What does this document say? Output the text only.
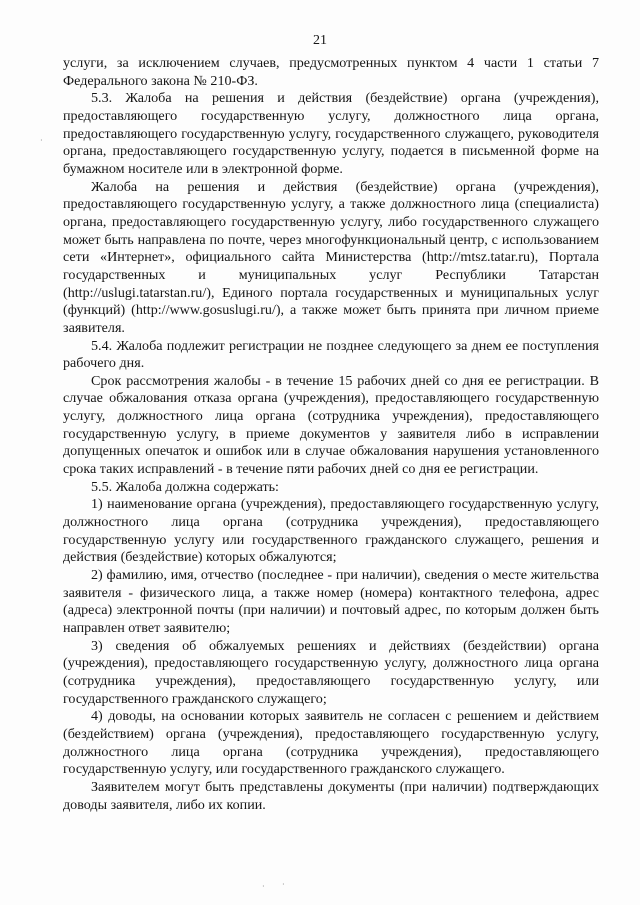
21

услуги, за исключением случаев, предусмотренных пунктом 4 части 1 статьи 7 Федерального закона № 210-ФЗ.

5.3. Жалоба на решения и действия (бездействие) органа (учреждения), предоставляющего государственную услугу, должностного лица органа, предоставляющего государственную услугу, государственного служащего, руководителя органа, предоставляющего государственную услугу, подается в письменной форме на бумажном носителе или в электронной форме.

Жалоба на решения и действия (бездействие) органа (учреждения), предоставляющего государственную услугу, а также должностного лица (специалиста) органа, предоставляющего государственную услугу, либо государственного служащего может быть направлена по почте, через многофункциональный центр, с использованием сети «Интернет», официального сайта Министерства (http://mtsz.tatar.ru), Портала государственных и муниципальных услуг Республики Татарстан (http://uslugi.tatarstan.ru/), Единого портала государственных и муниципальных услуг (функций) (http://www.gosuslugi.ru/), а также может быть принята при личном приеме заявителя.

5.4. Жалоба подлежит регистрации не позднее следующего за днем ее поступления рабочего дня.

Срок рассмотрения жалобы - в течение 15 рабочих дней со дня ее регистрации. В случае обжалования отказа органа (учреждения), предоставляющего государственную услугу, должностного лица органа (сотрудника учреждения), предоставляющего государственную услугу, в приеме документов у заявителя либо в исправлении допущенных опечаток и ошибок или в случае обжалования нарушения установленного срока таких исправлений - в течение пяти рабочих дней со дня ее регистрации.

5.5. Жалоба должна содержать:

1) наименование органа (учреждения), предоставляющего государственную услугу, должностного лица органа (сотрудника учреждения), предоставляющего государственную услугу или государственного гражданского служащего, решения и действия (бездействие) которых обжалуются;

2) фамилию, имя, отчество (последнее - при наличии), сведения о месте жительства заявителя - физического лица, а также номер (номера) контактного телефона, адрес (адреса) электронной почты (при наличии) и почтовый адрес, по которым должен быть направлен ответ заявителю;

3) сведения об обжалуемых решениях и действиях (бездействии) органа (учреждения), предоставляющего государственную услугу, должностного лица органа (сотрудника учреждения), предоставляющего государственную услугу, или государственного гражданского служащего;

4) доводы, на основании которых заявитель не согласен с решением и действием (бездействием) органа (учреждения), предоставляющего государственную услугу, должностного лица органа (сотрудника учреждения), предоставляющего государственную услугу, или государственного гражданского служащего.

Заявителем могут быть представлены документы (при наличии) подтверждающих доводы заявителя, либо их копии.

·
· ·
